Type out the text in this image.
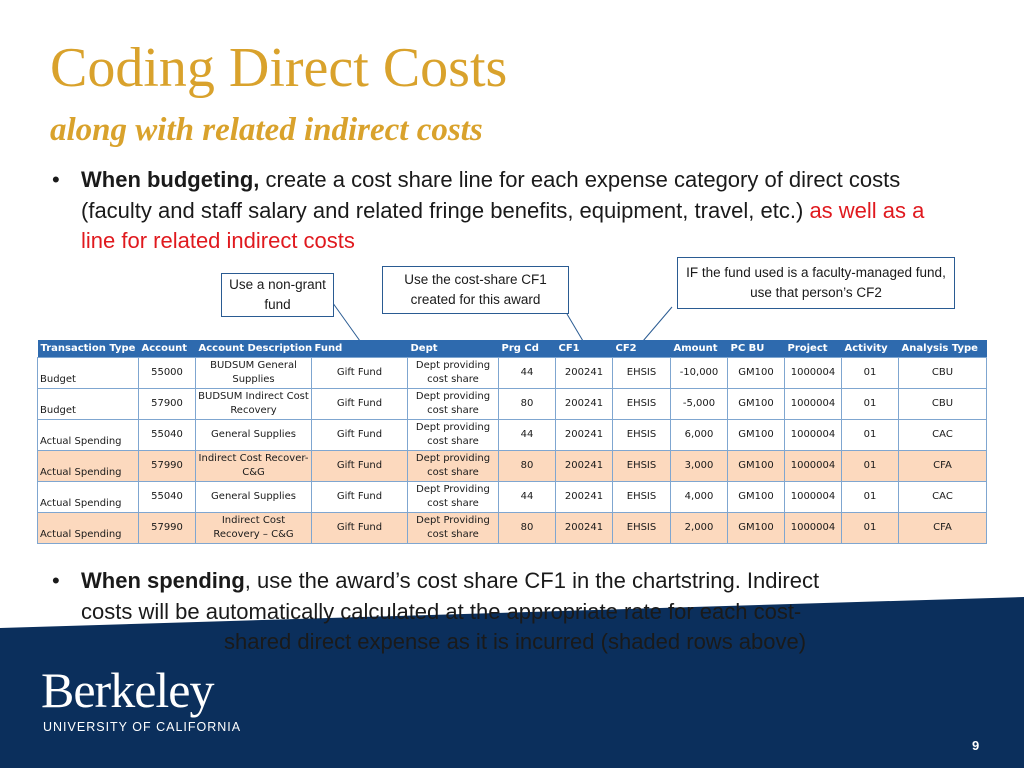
Coding Direct Costs
along with related indirect costs
• When budgeting, create a cost share line for each expense category of direct costs (faculty and staff salary and related fringe benefits, equipment, travel, etc.) as well as a line for related indirect costs
Use a non-grant fund
Use the cost-share CF1 created for this award
IF the fund used is a faculty-managed fund, use that person’s CF2
Transaction Type	Account	Account Description	Fund	Dept	Prg Cd	CF1	CF2	Amount	PC BU	Project	Activity	Analysis Type
Budget	55000	BUDSUM General Supplies	Gift Fund	Dept providing cost share	44	200241	EHSIS	-10,000	GM100	1000004	01	CBU
Budget	57900	BUDSUM Indirect Cost Recovery	Gift Fund	Dept providing cost share	80	200241	EHSIS	-5,000	GM100	1000004	01	CBU
Actual Spending	55040	General Supplies	Gift Fund	Dept providing cost share	44	200241	EHSIS	6,000	GM100	1000004	01	CAC
Actual Spending	57990	Indirect Cost Recover-C&G	Gift Fund	Dept providing cost share	80	200241	EHSIS	3,000	GM100	1000004	01	CFA
Actual Spending	55040	General Supplies	Gift Fund	Dept Providing cost share	44	200241	EHSIS	4,000	GM100	1000004	01	CAC
Actual Spending	57990	Indirect Cost Recovery – C&G	Gift Fund	Dept Providing cost share	80	200241	EHSIS	2,000	GM100	1000004	01	CFA
• When spending, use the award’s cost share CF1 in the chartstring. Indirect
costs will be automatically calculated at the appropriate rate for each cost-
shared direct expense as it is incurred (shaded rows above)
Berkeley
UNIVERSITY OF CALIFORNIA
9
